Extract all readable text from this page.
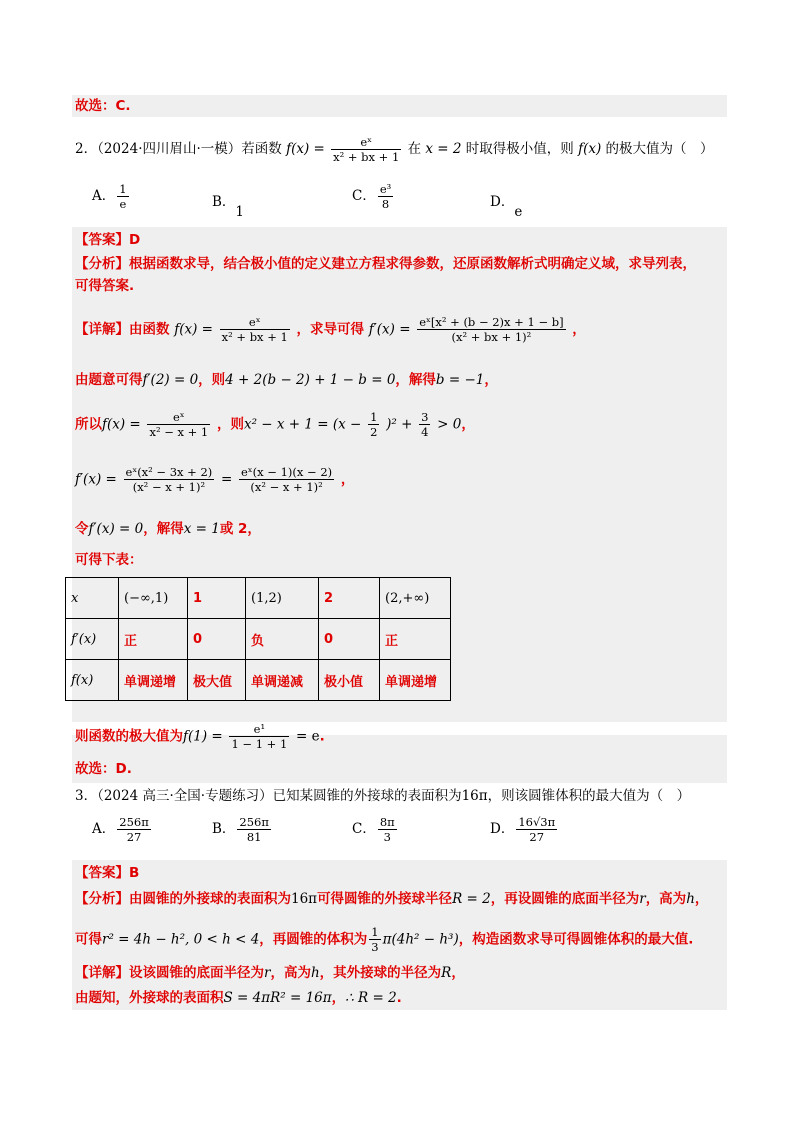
故选：C.
2．（2024·四川眉山·一模）若函数 $f(x) = \frac{\text{eˣ}}{\text{x² + bx + 1}}$ 在 x = 2 时取得极小值，则 f(x) 的极大值为（　）
A． $\frac{1}{e}$	B．1
C． $\frac{\text{e³}}{8}$	D．e
【答案】D
【分析】根据函数求导，结合极小值的定义建立方程求得参数，还原函数解析式明确定义域，求导列表，
可得答案.
【详解】由函数 $f(x) = \frac{\text{eˣ}}{\text{x² + bx + 1}}$ ，求导可得 $f'(x) = \frac{\text{eˣ[x² + (b − 2)x + 1 − b]}}{\text{(x² + bx + 1)²}}$ ，
由题意可得f′(2) = 0，则4 + 2(b − 2) + 1 − b = 0，解得b = −1，
所以$f(x) = \frac{\text{eˣ}}{\text{x² − x + 1}}$ ，则$x^2 - x + 1 = (x - \frac{1}{2} )^2 + \frac{3}{4} > 0$，
$f'(x) = \frac{\text{eˣ(x² − 3x + 2)}}{\text{(x² − x + 1)²}} = \frac{\text{eˣ(x − 1)(x − 2)}}{\text{(x² − x + 1)²}}$ ，
令f′(x) = 0，解得x = 1或 2，
可得下表：
x	(−∞,1)	1	(1,2)	2	(2,+∞)
f′(x)	正	0	负	0	正
f(x)	单调递增	极大值	单调递减	极小值	单调递增
则函数的极大值为$f(1) = \frac{\text{e¹}}{1 - 1 + 1} = e$.
故选：D.
3．（2024 高三·全国·专题练习）已知某圆锥的外接球的表面积为16π，则该圆锥体积的最大值为（　）
A． $\frac{256\pi}{27}$	B． $\frac{256\pi}{81}$	C． $\frac{8\pi}{3}$	D． $\frac{16√3\pi}{27}$
【答案】B
【分析】由圆锥的外接球的表面积为16π可得圆锥的外接球半径R = 2，再设圆锥的底面半径为r，高为h，
可得r² = 4h − h², 0 < h < 4，再圆锥的体积为 $\frac{1}{3} \pi(4h^2 - h^3)$，构造函数求导可得圆锥体积的最大值.
【详解】设该圆锥的底面半径为r，高为h，其外接球的半径为R，
由题知，外接球的表面积S = 4πR² = 16π，∴ R = 2.
